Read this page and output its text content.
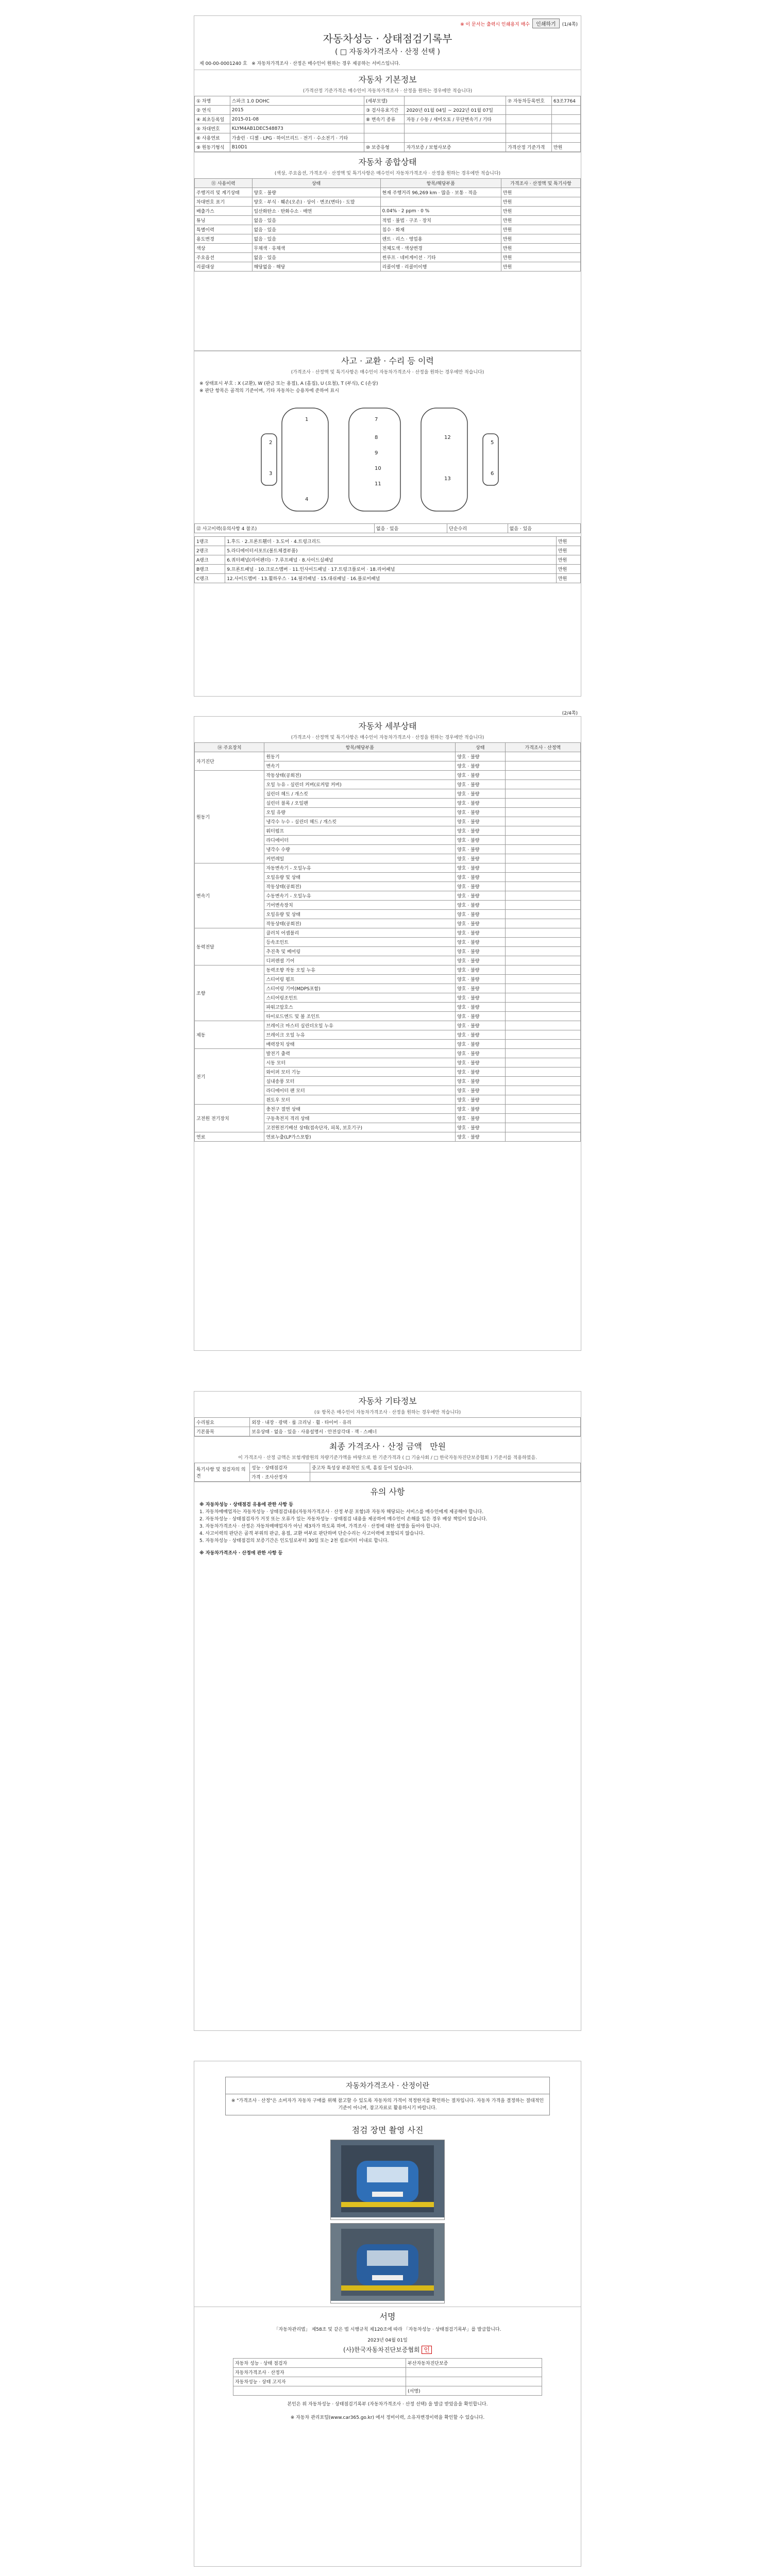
※ 이 문서는 출력시 인쇄용지 매수 인쇄하기 (1/4쪽)
자동차성능 · 상태점검기록부
( □ 자동차가격조사 · 산정 선택 )
제 00-00-0001240 호 ※ 자동차가격조사 · 산정은 매수인이 원하는 경우 제공하는 서비스입니다.
자동차 기본정보
(가격산정 기준가격은 매수인이 자동차가격조사 · 산정을 원하는 경우에만 적습니다)
① 차명	스파크 1.0 DOHC	(세부모델)		⑦ 자동차등록번호	63조7764
② 연식	2015	③ 검사유효기간	2020년 01월 04일 ~ 2022년 01월 07일		
④ 최초등록일	2015-01-08	⑧ 변속기 종류	자동 / 수동 / 세미오토 / 무단변속기 / 기타		
⑤ 차대번호	KLYM4AB1DEC548873				
⑥ 사용연료	가솔린 · 디젤 · LPG · 하이브리드 · 전기 · 수소전기 · 기타				
⑨ 원동기형식	B10D1	⑩ 보증유형	자가보증 / 보험사보증	가격산정 기준가격	만원
자동차 종합상태
(색상, 주요옵션, 가격조사 · 산정액 및 특기사항은 매수인이 자동차가격조사 · 산정을 원하는 경우에만 적습니다)
⑪ 사용이력	상태	항목/해당부품	가격조사 · 산정액 및 특기사항
주행거리 및 계기상태	양호 · 불량	현재 주행거리 96,269 km · 많음 · 보통 · 적음	만원
차대번호 표기	양호 · 부식 · 훼손(오손) · 상이 · 변조(변타) · 도말		만원
배출가스	일산화탄소 · 탄화수소 · 매연	0.04% · 2 ppm · 0 %	만원
튜닝	없음 · 있음	적법 · 불법 · 구조 · 장치	만원
특별이력	없음 · 있음	침수 · 화재	만원
용도변경	없음 · 있음	렌트 · 리스 · 영업용	만원
색상	무채색 · 유채색	전체도색 · 색상변경	만원
주요옵션	없음 · 있음	썬루프 · 네비게이션 · 기타	만원
리콜대상	해당없음 · 해당	리콜이행 · 리콜미이행	만원
사고 · 교환 · 수리 등 이력
(가격조사 · 산정액 및 특기사항은 매수인이 자동차가격조사 · 산정을 원하는 경우에만 적습니다)
※ 상태표시 부호 : X (교환), W (판금 또는 용접), A (흠집), U (요철), T (부식), C (손상)
※ 판단 항목은 골격의 기준이며, 기타 자동차는 승용차에 준하여 표시
1
2
3
4
5
6
7
8
9
10
11
12
13
⑫ 사고이력(유의사항 4 참조)	없음 · 있음	단순수리	없음 · 있음
1랭크	1.후드 · 2.프론트휀더 · 3.도어 · 4.트렁크리드	만원
2랭크	5.라디에이터서포트(볼트체결부품)	만원
A랭크	6.쿼터패널(리어펜더) · 7.루프패널 · 8.사이드실패널	만원
B랭크	9.프론트패널 · 10.크로스멤버 · 11.인사이드패널 · 17.트렁크플로어 · 18.리어패널	만원
C랭크	12.사이드멤버 · 13.휠하우스 · 14.필러패널 · 15.대쉬패널 · 16.플로어패널	만원
(2/4쪽)
자동차 세부상태
(가격조사 · 산정액 및 특기사항은 매수인이 자동차가격조사 · 산정을 원하는 경우에만 적습니다)
⑭ 주요장치	항목/해당부품	상태	가격조사 · 산정액
자기진단	원동기	양호 · 불량	
	변속기	양호 · 불량	
원동기	작동상태(공회전)	양호 · 불량	
	오일 누유 - 실린더 커버(로커암 커버)	양호 · 불량	
	실린더 헤드 / 개스킷	양호 · 불량	
	실린더 블록 / 오일팬	양호 · 불량	
	오일 유량	양호 · 불량	
	냉각수 누수 - 실린더 헤드 / 개스킷	양호 · 불량	
	워터펌프	양호 · 불량	
	라디에이터	양호 · 불량	
	냉각수 수량	양호 · 불량	
	커먼레일	양호 · 불량	
변속기	자동변속기 - 오일누유	양호 · 불량	
	오일유량 및 상태	양호 · 불량	
	작동상태(공회전)	양호 · 불량	
	수동변속기 - 오일누유	양호 · 불량	
	기어변속장치	양호 · 불량	
	오일유량 및 상태	양호 · 불량	
	작동상태(공회전)	양호 · 불량	
동력전달	클러치 어셈블리	양호 · 불량	
	등속조인트	양호 · 불량	
	추진축 및 베어링	양호 · 불량	
	디퍼렌셜 기어	양호 · 불량	
조향	동력조향 작동 오일 누유	양호 · 불량	
	스티어링 펌프	양호 · 불량	
	스티어링 기어(MDPS포함)	양호 · 불량	
	스티어링조인트	양호 · 불량	
	파워고압호스	양호 · 불량	
	타이로드엔드 및 볼 조인트	양호 · 불량	
제동	브레이크 마스터 실린더오일 누유	양호 · 불량	
	브레이크 오일 누유	양호 · 불량	
	배력장치 상태	양호 · 불량	
전기	발전기 출력	양호 · 불량	
	시동 모터	양호 · 불량	
	와이퍼 모터 기능	양호 · 불량	
	실내송풍 모터	양호 · 불량	
	라디에이터 팬 모터	양호 · 불량	
	윈도우 모터	양호 · 불량	
고전원 전기장치	충전구 절연 상태	양호 · 불량	
	구동축전지 격리 상태	양호 · 불량	
	고전원전기배선 상태(접속단자, 피복, 보호기구)	양호 · 불량	
연료	연료누출(LP가스포함)	양호 · 불량	
자동차 기타정보
(① 항목은 매수인이 자동차가격조사 · 산정을 원하는 경우에만 적습니다)
수리필요	외장 · 내장 · 광택 · 룸 크리닝 · 휠 · 타이어 · 유리
기본품목	보유상태 · 없음 · 있음 · 사용설명서 · 안전삼각대 · 잭 · 스패너
최종 가격조사 · 산정 금액 만원
이 가격조사 · 산정 금액은 보험개발원의 차량기준가액을 바탕으로 한 기준가격과 ( □ 기술사회 / □ 한국자동차진단보증협회 ) 기준서를 적용하였음.
특기사항 및 점검자의 의견	성능 · 상태점검자	중고차 특성상 부분적인 도색, 흠집 등이 있습니다.
	가격 · 조사산정자	
유의 사항
※ 자동차성능 · 상태점검 유용에 관한 사항 등
1. 자동차매매업자는 자동차성능 · 상태점검내용(자동차가격조사 · 산정 부분 포함)과 자동차 해당되는 서비스를 매수인에게 제공해야 합니다.
2. 자동차성능 · 상태점검자가 거짓 또는 오류가 있는 자동차성능 · 상태점검 내용을 제공하여 매수인이 손해를 입은 경우 배상 책임이 있습니다.
3. 자동차가격조사 · 산정은 자동차매매업자가 아닌 제3자가 하도록 하며, 가격조사 · 산정에 대한 설명을 들어야 합니다.
4. 사고이력의 판단은 골격 부위의 판금, 용접, 교환 여부로 판단하며 단순수리는 사고이력에 포함되지 않습니다.
5. 자동차성능 · 상태점검의 보증기간은 인도일로부터 30일 또는 2천 킬로미터 이내로 합니다.
※ 자동차가격조사 · 산정에 관한 사항 등
자동차가격조사 · 산정이란
※ "가격조사 · 산정"은 소비자가 자동차 구매를 위해 참고할 수 있도록 자동차의 가격이 적정한지를 확인하는 절차입니다. 자동차 가격을 결정하는 절대적인 기준이 아니며, 참고자료로 활용하시기 바랍니다.
점검 장면 촬영 사진
서명
「자동차관리법」 제58조 및 같은 법 시행규칙 제120조에 따라 「자동차성능 · 상태점검기록부」를 발급합니다.
2023년 04월 01일
(사)한국자동차진단보증협회 인
자동차 성능 · 상태 점검자	부산자동차진단보증
자동차가격조사 · 산정자	
자동차성능 · 상태 고지자	
	(서명)
본인은 위 자동차성능 · 상태점검기록부 (자동차가격조사 · 산정 선택) 을 발급 받았음을 확인합니다.
※ 자동차 관리포털(www.car365.go.kr) 에서 정비이력, 소유자변경이력을 확인할 수 있습니다.
